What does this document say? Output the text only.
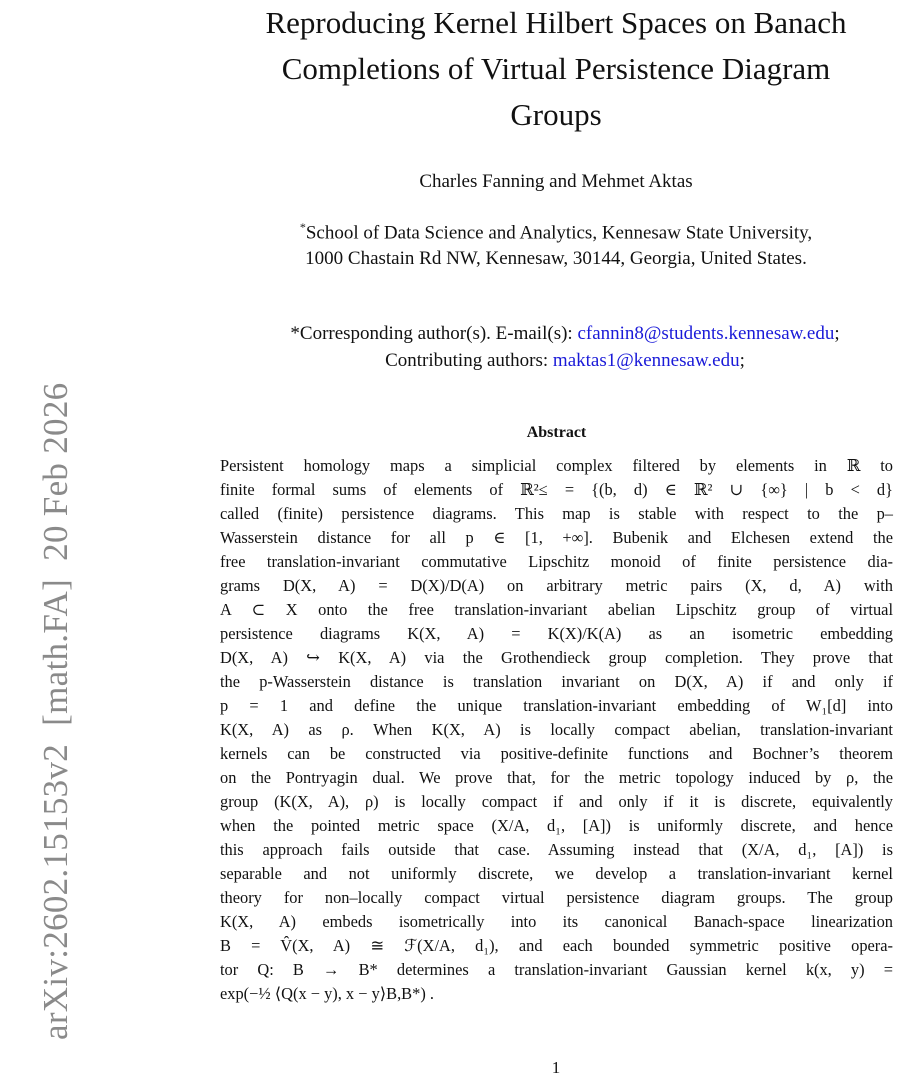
arXiv:2602.15153v2  [math.FA]  20 Feb 2026
Reproducing Kernel Hilbert Spaces on Banach
Completions of Virtual Persistence Diagram
Groups
Charles Fanning and Mehmet Aktas
*School of Data Science and Analytics, Kennesaw State University,
1000 Chastain Rd NW, Kennesaw, 30144, Georgia, United States.
*Corresponding author(s). E-mail(s): cfannin8@students.kennesaw.edu;
Contributing authors: maktas1@kennesaw.edu;
Abstract
Persistent homology maps a simplicial complex filtered by elements in ℝ to
finite formal sums of elements of ℝ²≤ = {(b, d) ∈ ℝ² ∪ {∞} | b < d}
called (finite) persistence diagrams. This map is stable with respect to the p–
Wasserstein distance for all p ∈ [1, +∞]. Bubenik and Elchesen extend the
free translation-invariant commutative Lipschitz monoid of finite persistence dia-
grams D(X, A) = D(X)/D(A) on arbitrary metric pairs (X, d, A) with
A ⊂ X onto the free translation-invariant abelian Lipschitz group of virtual
persistence diagrams K(X, A) = K(X)/K(A) as an isometric embedding
D(X, A) ↪ K(X, A) via the Grothendieck group completion. They prove that
the p-Wasserstein distance is translation invariant on D(X, A) if and only if
p = 1 and define the unique translation-invariant embedding of W₁[d] into
K(X, A) as ρ. When K(X, A) is locally compact abelian, translation-invariant
kernels can be constructed via positive-definite functions and Bochner’s theorem
on the Pontryagin dual. We prove that, for the metric topology induced by ρ, the
group (K(X, A), ρ) is locally compact if and only if it is discrete, equivalently
when the pointed metric space (X/A, d₁, [A]) is uniformly discrete, and hence
this approach fails outside that case. Assuming instead that (X/A, d₁, [A]) is
separable and not uniformly discrete, we develop a translation-invariant kernel
theory for non–locally compact virtual persistence diagram groups. The group
K(X, A) embeds isometrically into its canonical Banach-space linearization
B = V̂(X, A) ≅ ℱ(X/A, d₁), and each bounded symmetric positive opera-
tor Q: B → B* determines a translation-invariant Gaussian kernel k(x, y) =
exp(−½ ⟨Q(x − y), x − y⟩B,B*) .
1
